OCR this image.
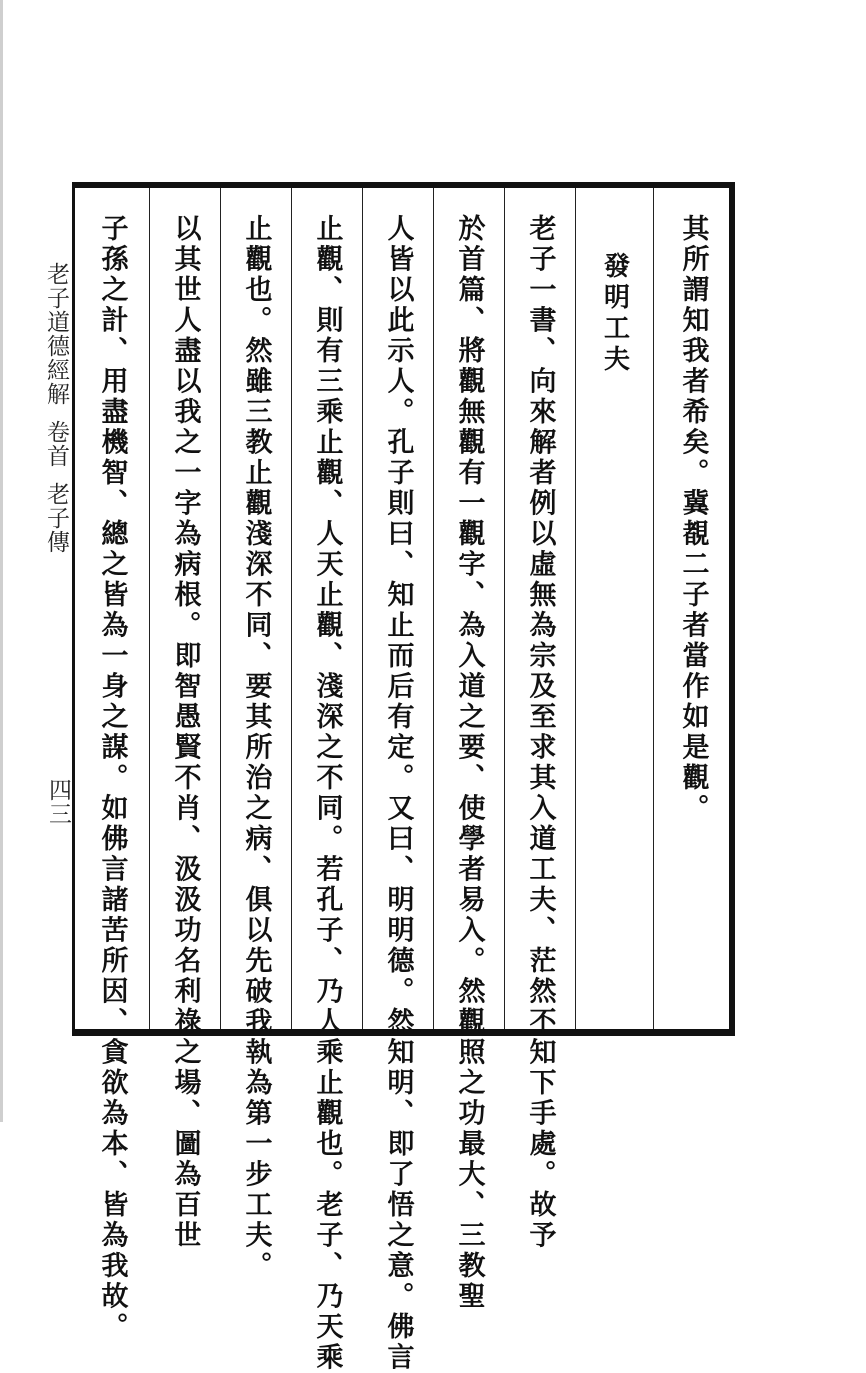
老子道德經解卷首老子傳
四三	其所謂知我者希矣。冀覩二子者當作如是觀。
發明工夫
老子一書、向來解者例以虛無為宗及至求其入道工夫、茫然不知下手處。故予
於首篇、將觀無觀有一觀字、為入道之要、使學者易入。然觀照之功最大、三教聖
人皆以此示人。孔子則曰、知止而后有定。又曰、明明德。然知明、即了悟之意。佛言
止觀、則有三乘止觀、人天止觀、淺深之不同。若孔子、乃人乘止觀也。老子、乃天乘
止觀也。然雖三教止觀淺深不同、要其所治之病、俱以先破我執為第一步工夫。
以其世人盡以我之一字為病根。即智愚賢不肖、汲汲功名利祿之場、圖為百世
子孫之計、用盡機智、總之皆為一身之謀。如佛言諸苦所因、貪欲為本、皆為我故。
